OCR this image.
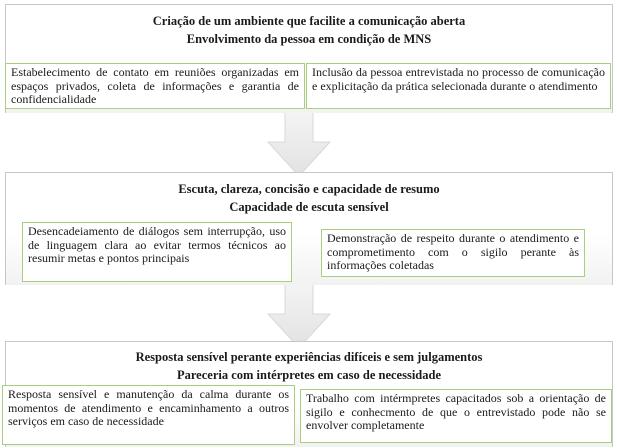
Criação de um ambiente que facilite a comunicação aberta
Envolvimento da pessoa em condição de MNS
Estabelecimento de contato em reuniões organizadas em espaços privados, coleta de informações e garantia de confidencialidade
Inclusão da pessoa entrevistada no processo de comunicação e explicitação da prática selecionada durante o atendimento
Escuta, clareza, concisão e capacidade de resumo
Capacidade de escuta sensível
Desencadeiamento de diálogos sem interrupção, uso de linguagem clara ao evitar termos técnicos ao resumir metas e pontos principais
Demonstração de respeito durante o atendimento e comprometimento com o sigilo perante às informações coletadas
Resposta sensível perante experiências difíceis e sem julgamentos
Pareceria com intérpretes em caso de necessidade
Resposta sensível e manutenção da calma durante os momentos de atendimento e encaminhamento a outros serviços em caso de necessidade
Trabalho com intérmpretes capacitados sob a orientação de sigilo e conhecmento de que o entrevistado pode não se envolver completamente
